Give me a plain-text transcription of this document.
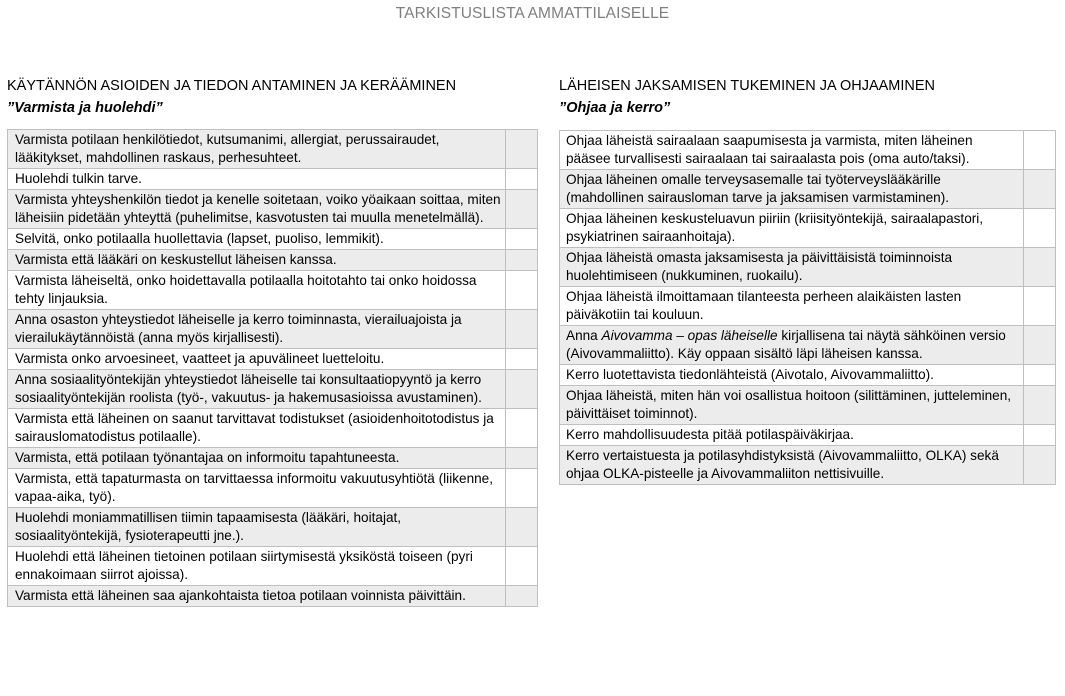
TARKISTUSLISTA AMMATTILAISELLE
KÄYTÄNNÖN ASIOIDEN JA TIEDON ANTAMINEN JA KERÄÄMINEN
”Varmista ja huolehdi”
Varmista potilaan henkilötiedot, kutsumanimi, allergiat, perussairaudet, lääkitykset, mahdollinen raskaus, perhesuhteet.	
Huolehdi tulkin tarve.	
Varmista yhteyshenkilön tiedot ja kenelle soitetaan, voiko yöaikaan soittaa, miten läheisiin pidetään yhteyttä (puhelimitse, kasvotusten tai muulla menetelmällä).	
Selvitä, onko potilaalla huollettavia (lapset, puoliso, lemmikit).	
Varmista että lääkäri on keskustellut läheisen kanssa.	
Varmista läheiseltä, onko hoidettavalla potilaalla hoitotahto tai onko hoidossa tehty linjauksia.	
Anna osaston yhteystiedot läheiselle ja kerro toiminnasta, vierailuajoista ja vierailukäytännöistä (anna myös kirjallisesti).	
Varmista onko arvoesineet, vaatteet ja apuvälineet luetteloitu.	
Anna sosiaalityöntekijän yhteystiedot läheiselle tai konsultaatiopyyntö ja kerro sosiaalityöntekijän roolista (työ-, vakuutus- ja hakemusasioissa avustaminen).	
Varmista että läheinen on saanut tarvittavat todistukset (asioidenhoitotodistus ja sairauslomatodistus potilaalle).	
Varmista, että potilaan työnantajaa on informoitu tapahtuneesta.	
Varmista, että tapaturmasta on tarvittaessa informoitu vakuutusyhtiötä (liikenne, vapaa-aika, työ).	
Huolehdi moniammatillisen tiimin tapaamisesta (lääkäri, hoitajat, sosiaalityöntekijä, fysioterapeutti jne.).	
Huolehdi että läheinen tietoinen potilaan siirtymisestä yksiköstä toiseen (pyri ennakoimaan siirrot ajoissa).	
Varmista että läheinen saa ajankohtaista tietoa potilaan voinnista päivittäin.	
LÄHEISEN JAKSAMISEN TUKEMINEN JA OHJAAMINEN
”Ohjaa ja kerro”
Ohjaa läheistä sairaalaan saapumisesta ja varmista, miten läheinen pääsee turvallisesti sairaalaan tai sairaalasta pois (oma auto/taksi).	
Ohjaa läheinen omalle terveysasemalle tai työterveyslääkärille (mahdollinen sairausloman tarve ja jaksamisen varmistaminen).	
Ohjaa läheinen keskusteluavun piiriin (kriisityöntekijä, sairaalapastori, psykiatrinen sairaanhoitaja).	
Ohjaa läheistä omasta jaksamisesta ja päivittäisistä toiminnoista huolehtimiseen (nukkuminen, ruokailu).	
Ohjaa läheistä ilmoittamaan tilanteesta perheen alaikäisten lasten päiväkotiin tai kouluun.	
Anna Aivovamma – opas läheiselle kirjallisena tai näytä sähköinen versio (Aivovammaliitto). Käy oppaan sisältö läpi läheisen kanssa.	
Kerro luotettavista tiedonlähteistä (Aivotalo, Aivovammaliitto).	
Ohjaa läheistä, miten hän voi osallistua hoitoon (silittäminen, jutteleminen, päivittäiset toiminnot).	
Kerro mahdollisuudesta pitää potilaspäiväkirjaa.	
Kerro vertaistuesta ja potilasyhdistyksistä (Aivovammaliitto, OLKA) sekä ohjaa OLKA-pisteelle ja Aivovammaliiton nettisivuille.	
